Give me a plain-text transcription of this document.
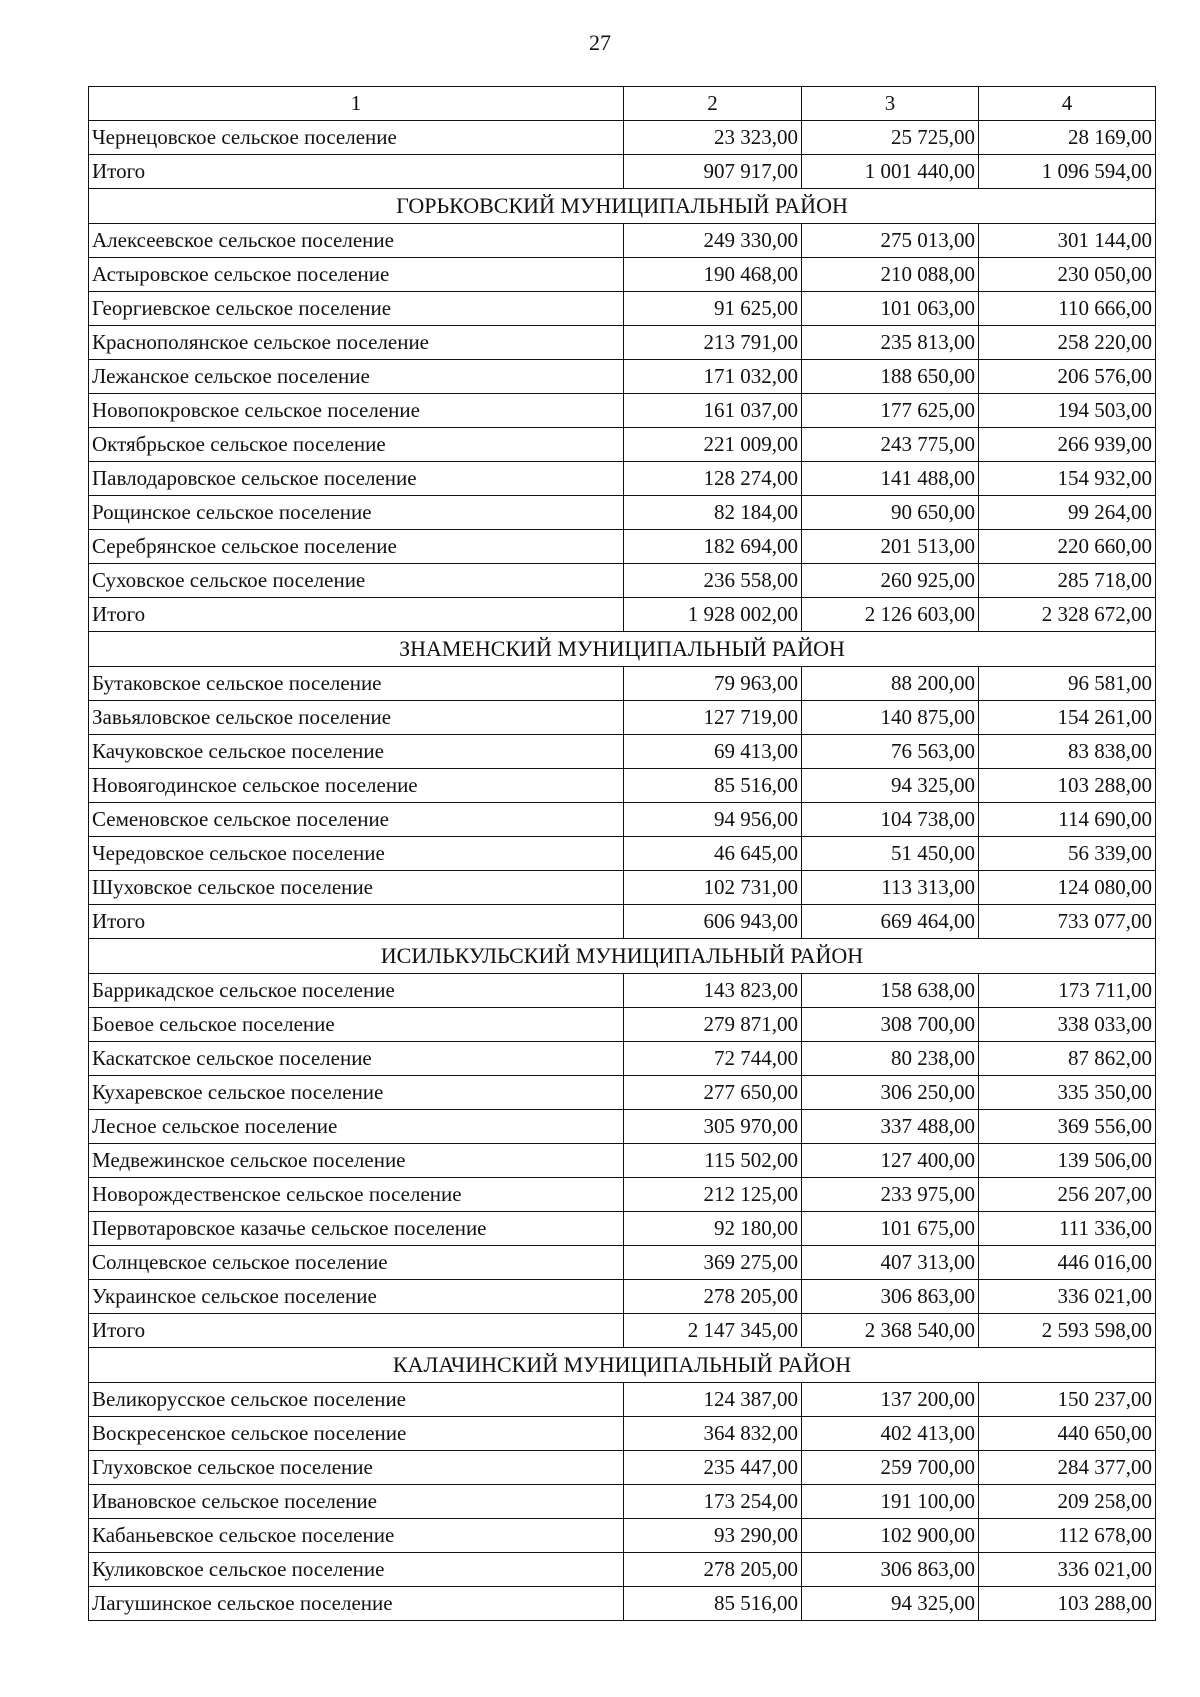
27
1	2	3	4
Чернецовское сельское поселение	23 323,00	25 725,00	28 169,00
Итого	907 917,00	1 001 440,00	1 096 594,00
ГОРЬКОВСКИЙ МУНИЦИПАЛЬНЫЙ РАЙОН			
Алексеевское сельское поселение	249 330,00	275 013,00	301 144,00
Астыровское сельское поселение	190 468,00	210 088,00	230 050,00
Георгиевское сельское поселение	91 625,00	101 063,00	110 666,00
Краснополянское сельское поселение	213 791,00	235 813,00	258 220,00
Лежанское сельское поселение	171 032,00	188 650,00	206 576,00
Новопокровское сельское поселение	161 037,00	177 625,00	194 503,00
Октябрьское сельское поселение	221 009,00	243 775,00	266 939,00
Павлодаровское сельское поселение	128 274,00	141 488,00	154 932,00
Рощинское сельское поселение	82 184,00	90 650,00	99 264,00
Серебрянское сельское поселение	182 694,00	201 513,00	220 660,00
Суховское сельское поселение	236 558,00	260 925,00	285 718,00
Итого	1 928 002,00	2 126 603,00	2 328 672,00
ЗНАМЕНСКИЙ МУНИЦИПАЛЬНЫЙ РАЙОН			
Бутаковское сельское поселение	79 963,00	88 200,00	96 581,00
Завьяловское сельское поселение	127 719,00	140 875,00	154 261,00
Качуковское сельское поселение	69 413,00	76 563,00	83 838,00
Новоягодинское сельское поселение	85 516,00	94 325,00	103 288,00
Семеновское сельское поселение	94 956,00	104 738,00	114 690,00
Чередовское сельское поселение	46 645,00	51 450,00	56 339,00
Шуховское сельское поселение	102 731,00	113 313,00	124 080,00
Итого	606 943,00	669 464,00	733 077,00
ИСИЛЬКУЛЬСКИЙ МУНИЦИПАЛЬНЫЙ РАЙОН			
Баррикадское сельское поселение	143 823,00	158 638,00	173 711,00
Боевое сельское поселение	279 871,00	308 700,00	338 033,00
Каскатское сельское поселение	72 744,00	80 238,00	87 862,00
Кухаревское сельское поселение	277 650,00	306 250,00	335 350,00
Лесное сельское поселение	305 970,00	337 488,00	369 556,00
Медвежинское сельское поселение	115 502,00	127 400,00	139 506,00
Новорождественское сельское поселение	212 125,00	233 975,00	256 207,00
Первотаровское казачье сельское поселение	92 180,00	101 675,00	111 336,00
Солнцевское сельское поселение	369 275,00	407 313,00	446 016,00
Украинское сельское поселение	278 205,00	306 863,00	336 021,00
Итого	2 147 345,00	2 368 540,00	2 593 598,00
КАЛАЧИНСКИЙ МУНИЦИПАЛЬНЫЙ РАЙОН			
Великорусское сельское поселение	124 387,00	137 200,00	150 237,00
Воскресенское сельское поселение	364 832,00	402 413,00	440 650,00
Глуховское сельское поселение	235 447,00	259 700,00	284 377,00
Ивановское сельское поселение	173 254,00	191 100,00	209 258,00
Кабаньевское сельское поселение	93 290,00	102 900,00	112 678,00
Куликовское сельское поселение	278 205,00	306 863,00	336 021,00
Лагушинское сельское поселение	85 516,00	94 325,00	103 288,00
